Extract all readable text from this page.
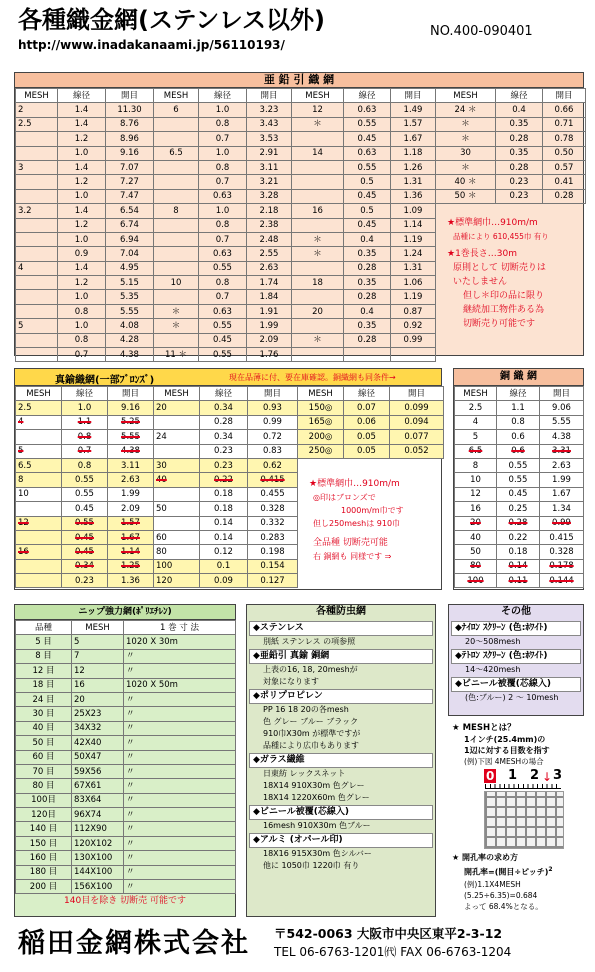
各種織金網(ステンレス以外)
http://www.inadakanaami.jp/56110193/
NO.400-090401
亜 鉛 引 織 網
MESH	線径	開目	MESH	線径	開目	MESH	線径	開目	MESH	線径	開目
2	1.4	11.30	6	1.0	3.23	12	0.63	1.49	24 ＊	0.4	0.66
2.5	1.4	8.76		0.8	3.43	＊	0.55	1.57	＊	0.35	0.71
	1.2	8.96		0.7	3.53		0.45	1.67	＊	0.28	0.78
	1.0	9.16	6.5	1.0	2.91	14	0.63	1.18	30	0.35	0.50
3	1.4	7.07		0.8	3.11		0.55	1.26	＊	0.28	0.57
	1.2	7.27		0.7	3.21		0.5	1.31	40 ＊	0.23	0.41
	1.0	7.47		0.63	3.28		0.45	1.36	50 ＊	0.23	0.28
3.2	1.4	6.54	8	1.0	2.18	16	0.5	1.09			
	1.2	6.74		0.8	2.38		0.45	1.14			
	1.0	6.94		0.7	2.48	＊	0.4	1.19			
	0.9	7.04		0.63	2.55	＊	0.35	1.24			
4	1.4	4.95		0.55	2.63		0.28	1.31			
	1.2	5.15	10	0.8	1.74	18	0.35	1.06			
	1.0	5.35		0.7	1.84		0.28	1.19			
	0.8	5.55	＊	0.63	1.91	20	0.4	0.87			
5	1.0	4.08	＊	0.55	1.99		0.35	0.92			
	0.8	4.28		0.45	2.09	＊	0.28	0.99			
	0.7	4.38	11 ＊	0.55	1.76						
★標準網巾…910m/m
品種により 610,455巾 有り
★1巻長さ…30m
原則として 切断売りは
いたしません
但し＊印の品に限り
継続加工物件ある為
切断売り可能です
真鍮織網(一部ﾌﾞﾛﾝｽﾞ)	現在品薄に付、要在庫確認。銅織網も同条件→
MESH	線径	開目	MESH	線径	開目	MESH	線径	開目
2.5	1.0	9.16	20	0.34	0.93	150◎	0.07	0.099
4	1.1	5.25		0.28	0.99	165◎	0.06	0.094
	0.8	5.55	24	0.34	0.72	200◎	0.05	0.077
5	0.7	4.38		0.23	0.83	250◎	0.05	0.052
6.5	0.8	3.11	30	0.23	0.62			
8	0.55	2.63	40	0.22	0.415			
10	0.55	1.99		0.18	0.455			
	0.45	2.09	50	0.18	0.328			
12	0.55	1.57		0.14	0.332			
	0.45	1.67	60	0.14	0.283			
16	0.45	1.14	80	0.12	0.198			
	0.34	1.25	100	0.1	0.154			
	0.23	1.36	120	0.09	0.127			
★標準網巾…910m/m
◎印はブロンズで
1000m/m巾です
但し250meshは 910巾
全品種 切断売可能
右 銅網も 同様です ⇒
銅 織 網
MESH	線径	開目
2.5	1.1	9.06
4	0.8	5.55
5	0.6	4.38
6.5	0.6	3.31
8	0.55	2.63
10	0.55	1.99
12	0.45	1.67
16	0.25	1.34
20	0.28	0.99
40	0.22	0.415
50	0.18	0.328
80	0.14	0.178
100	0.11	0.144
ニップ強力網(ﾎﾟﾘｴﾁﾚﾝ)
品種	MESH	1 巻 寸 法
5 目	5	1020 X 30m
8 目	7	〃
12 目	12	〃
18 目	16	1020 X 50m
24 目	20	〃
30 目	25X23	〃
40 目	34X32	〃
50 目	42X40	〃
60 目	50X47	〃
70 目	59X56	〃
80 目	67X61	〃
100目	83X64	〃
120目	96X74	〃
140 目	112X90	〃
150 目	120X102	〃
160 目	130X100	〃
180 目	144X100	〃
200 目	156X100	〃
140目を除き 切断売 可能です
各種防虫網
◆ステンレス
別紙 ステンレス の項参照
◆亜鉛引 真鍮 銅網
上表の16, 18, 20meshが
対象になります
◆ポリプロピレン
PP 16 18 20の各mesh
色 グレー ブルー ブラック
910巾X30m が標準ですが
品種により広巾もあります
◆ガラス繊維
日東紡 レックスネット
18X14 910X30m 色グレー
18X14 1220X60m 色グレー
◆ビニール被覆(芯線入)
16mesh 910X30m 色ブルー
◆アルミ (オパール印)
18X16 915X30m 色シルバー
他に 1050巾 1220巾 有り
その他
◆ﾅｲﾛﾝ ｽｸﾘｰﾝ (色:ﾎﾜｲﾄ)
20〜508mesh
◆ﾃﾄﾛﾝ ｽｸﾘｰﾝ (色:ﾎﾜｲﾄ)
14〜420mesh
◆ビニール被覆(芯線入)
(色:ブルー) 2 〜 10mesh
★ MESHとは？
1インチ(25.4mm)の
1辺に対する目数を指す
(例)下図 4MESHの場合
0 1 2 ↓ 3
★ 開孔率の求め方
開孔率=(開目÷ピッチ)$^2$
(例)1.1X4MESH
(5.25÷6.35)=0.684
よって 68.4%となる。
稲田金網株式会社 〒542-0063 大阪市中央区東平2-3-12
TEL 06-6763-1201㈹ FAX 06-6763-1204
